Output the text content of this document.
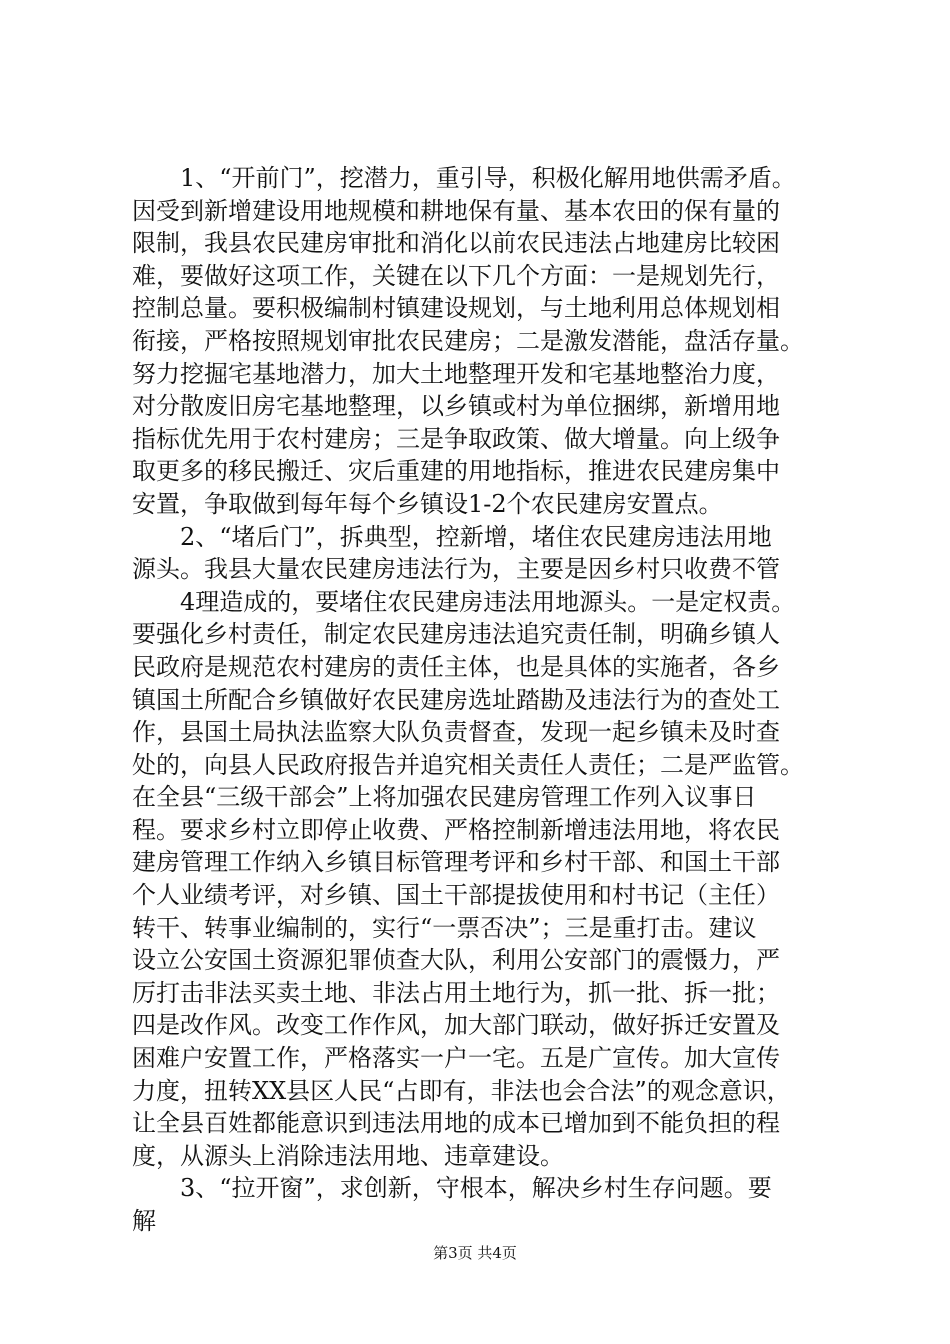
1、“开前门”，挖潜力，重引导，积极化解用地供需矛盾。
因受到新增建设用地规模和耕地保有量、基本农田的保有量的
限制，我县农民建房审批和消化以前农民违法占地建房比较困
难，要做好这项工作，关键在以下几个方面：一是规划先行，
控制总量。要积极编制村镇建设规划，与土地利用总体规划相
衔接，严格按照规划审批农民建房；二是激发潜能，盘活存量。
努力挖掘宅基地潜力，加大土地整理开发和宅基地整治力度，
对分散废旧房宅基地整理，以乡镇或村为单位捆绑，新增用地
指标优先用于农村建房；三是争取政策、做大增量。向上级争
取更多的移民搬迁、灾后重建的用地指标，推进农民建房集中
安置，争取做到每年每个乡镇设1-2个农民建房安置点。
2、“堵后门”，拆典型，控新增，堵住农民建房违法用地
源头。我县大量农民建房违法行为，主要是因乡村只收费不管
4理造成的，要堵住农民建房违法用地源头。一是定权责。
要强化乡村责任，制定农民建房违法追究责任制，明确乡镇人
民政府是规范农村建房的责任主体，也是具体的实施者，各乡
镇国土所配合乡镇做好农民建房选址踏勘及违法行为的查处工
作，县国土局执法监察大队负责督查，发现一起乡镇未及时查
处的，向县人民政府报告并追究相关责任人责任；二是严监管。
在全县“三级干部会”上将加强农民建房管理工作列入议事日
程。要求乡村立即停止收费、严格控制新增违法用地，将农民
建房管理工作纳入乡镇目标管理考评和乡村干部、和国土干部
个人业绩考评，对乡镇、国土干部提拔使用和村书记（主任）
转干、转事业编制的，实行“一票否决”；三是重打击。建议
设立公安国土资源犯罪侦查大队，利用公安部门的震慑力，严
厉打击非法买卖土地、非法占用土地行为，抓一批、拆一批；
四是改作风。改变工作作风，加大部门联动，做好拆迁安置及
困难户安置工作，严格落实一户一宅。五是广宣传。加大宣传
力度，扭转XX县区人民“占即有，非法也会合法”的观念意识，
让全县百姓都能意识到违法用地的成本已增加到不能负担的程
度，从源头上消除违法用地、违章建设。
3、“拉开窗”，求创新，守根本，解决乡村生存问题。要
解
第3页 共4页
